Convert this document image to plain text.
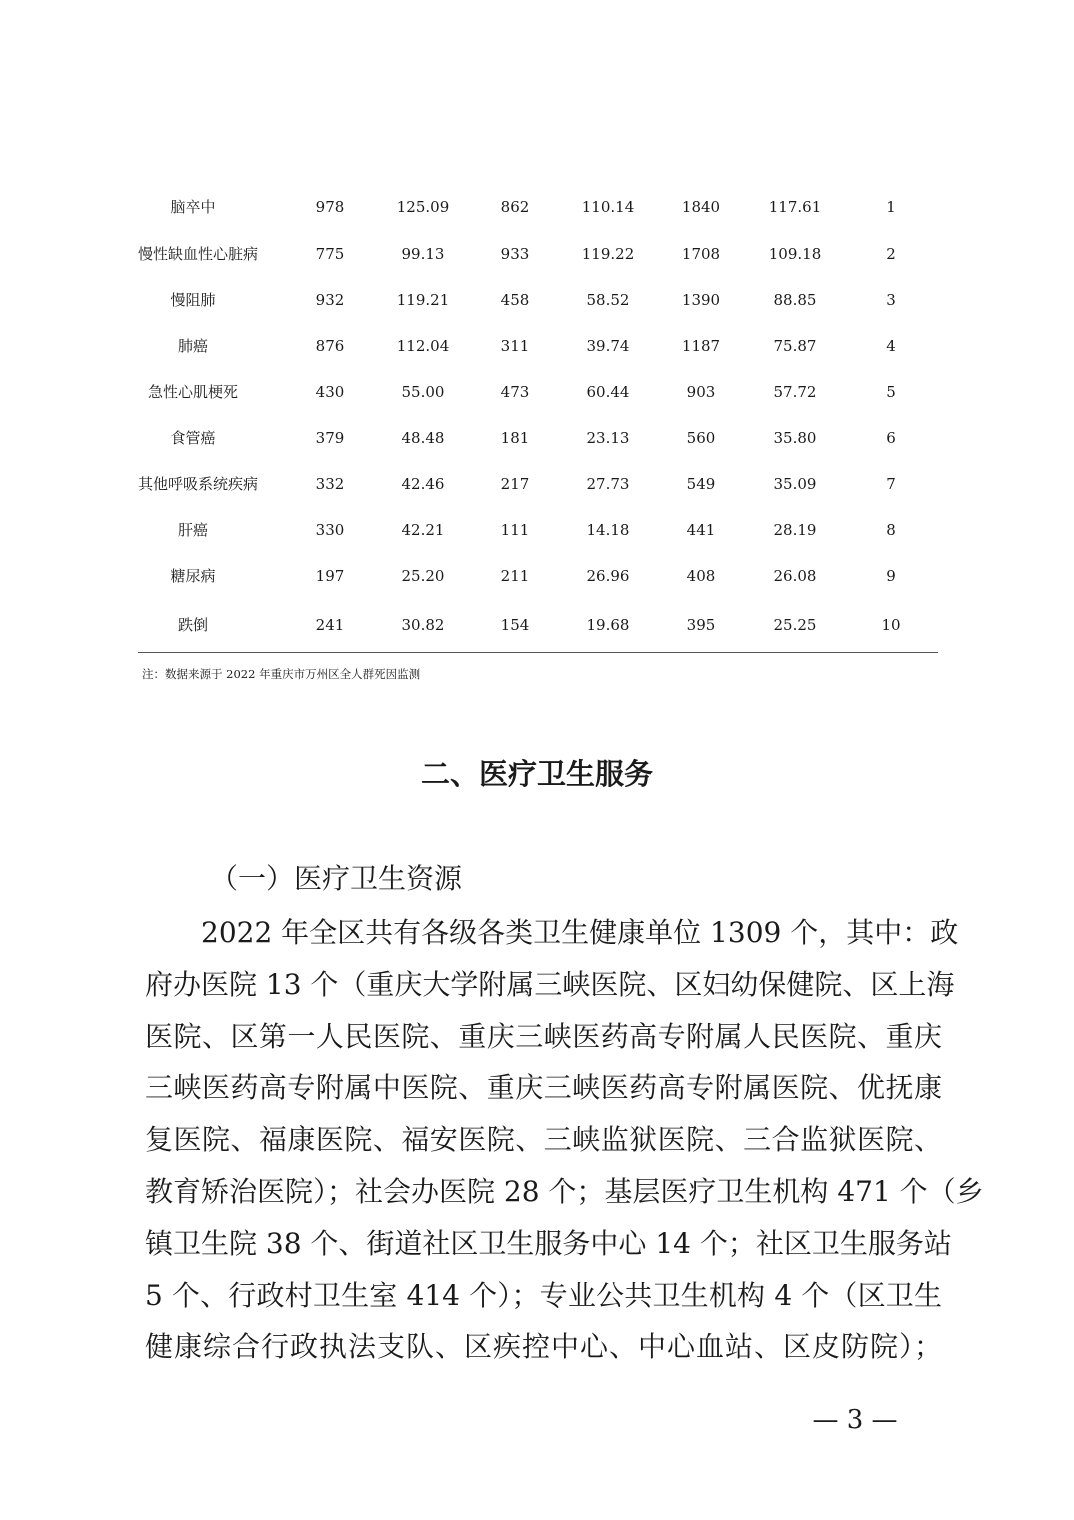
脑卒中	978	125.09	862	110.14	1840	117.61	1
慢性缺血性心脏病	775	99.13	933	119.22	1708	109.18	2
慢阻肺	932	119.21	458	58.52	1390	88.85	3
肺癌	876	112.04	311	39.74	1187	75.87	4
急性心肌梗死	430	55.00	473	60.44	903	57.72	5
食管癌	379	48.48	181	23.13	560	35.80	6
其他呼吸系统疾病	332	42.46	217	27.73	549	35.09	7
肝癌	330	42.21	111	14.18	441	28.19	8
糖尿病	197	25.20	211	26.96	408	26.08	9
跌倒	241	30.82	154	19.68	395	25.25	10
注：数据来源于 2022 年重庆市万州区全人群死因监测
二、医疗卫生服务
（一）医疗卫生资源
2022 年全区共有各级各类卫生健康单位 1309 个，其中：政
府办医院 13 个（重庆大学附属三峡医院、区妇幼保健院、区上海
医院、区第一人民医院、重庆三峡医药高专附属人民医院、重庆
三峡医药高专附属中医院、重庆三峡医药高专附属医院、优抚康
复医院、福康医院、福安医院、三峡监狱医院、三合监狱医院、
教育矫治医院）；社会办医院 28 个；基层医疗卫生机构 471 个（乡
镇卫生院 38 个、街道社区卫生服务中心 14 个；社区卫生服务站
5 个、行政村卫生室 414 个）；专业公共卫生机构 4 个（区卫生
健康综合行政执法支队、区疾控中心、中心血站、区皮防院）；
— 3 —
